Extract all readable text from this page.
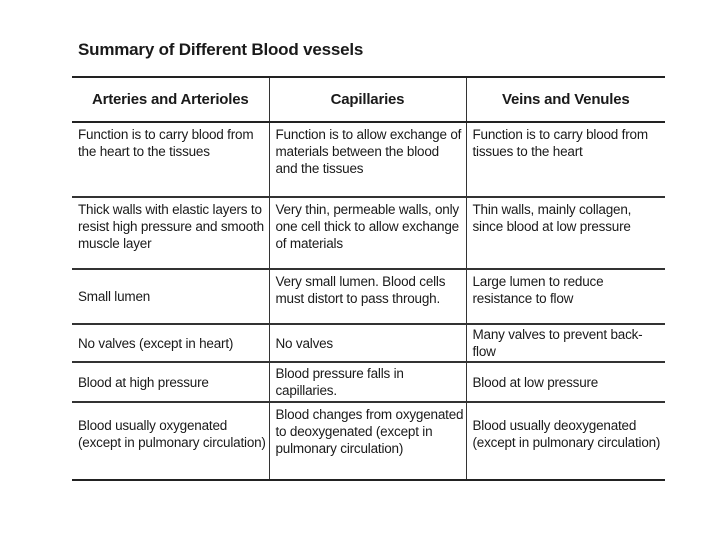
Summary of Different Blood vessels
Arteries and Arterioles	Capillaries	Veins and Venules
Function is to carry blood from the heart to the tissues	Function is to allow exchange of materials between the blood and the tissues	Function is to carry blood from tissues to the heart
Thick walls with elastic layers to resist high pressure and smooth muscle layer	Very thin, permeable walls, only one cell thick to allow exchange of materials	Thin walls, mainly collagen, since blood at low pressure
Small lumen	Very small lumen. Blood cells must distort to pass through.	Large lumen to reduce resistance to flow
No valves (except in heart)	No valves	Many valves to prevent back-flow
Blood at high pressure	Blood pressure falls in capillaries.	Blood at low pressure
Blood usually oxygenated (except in pulmonary circulation)	Blood changes from oxygenated to deoxygenated (except in pulmonary circulation)	Blood usually deoxygenated (except in pulmonary circulation)
